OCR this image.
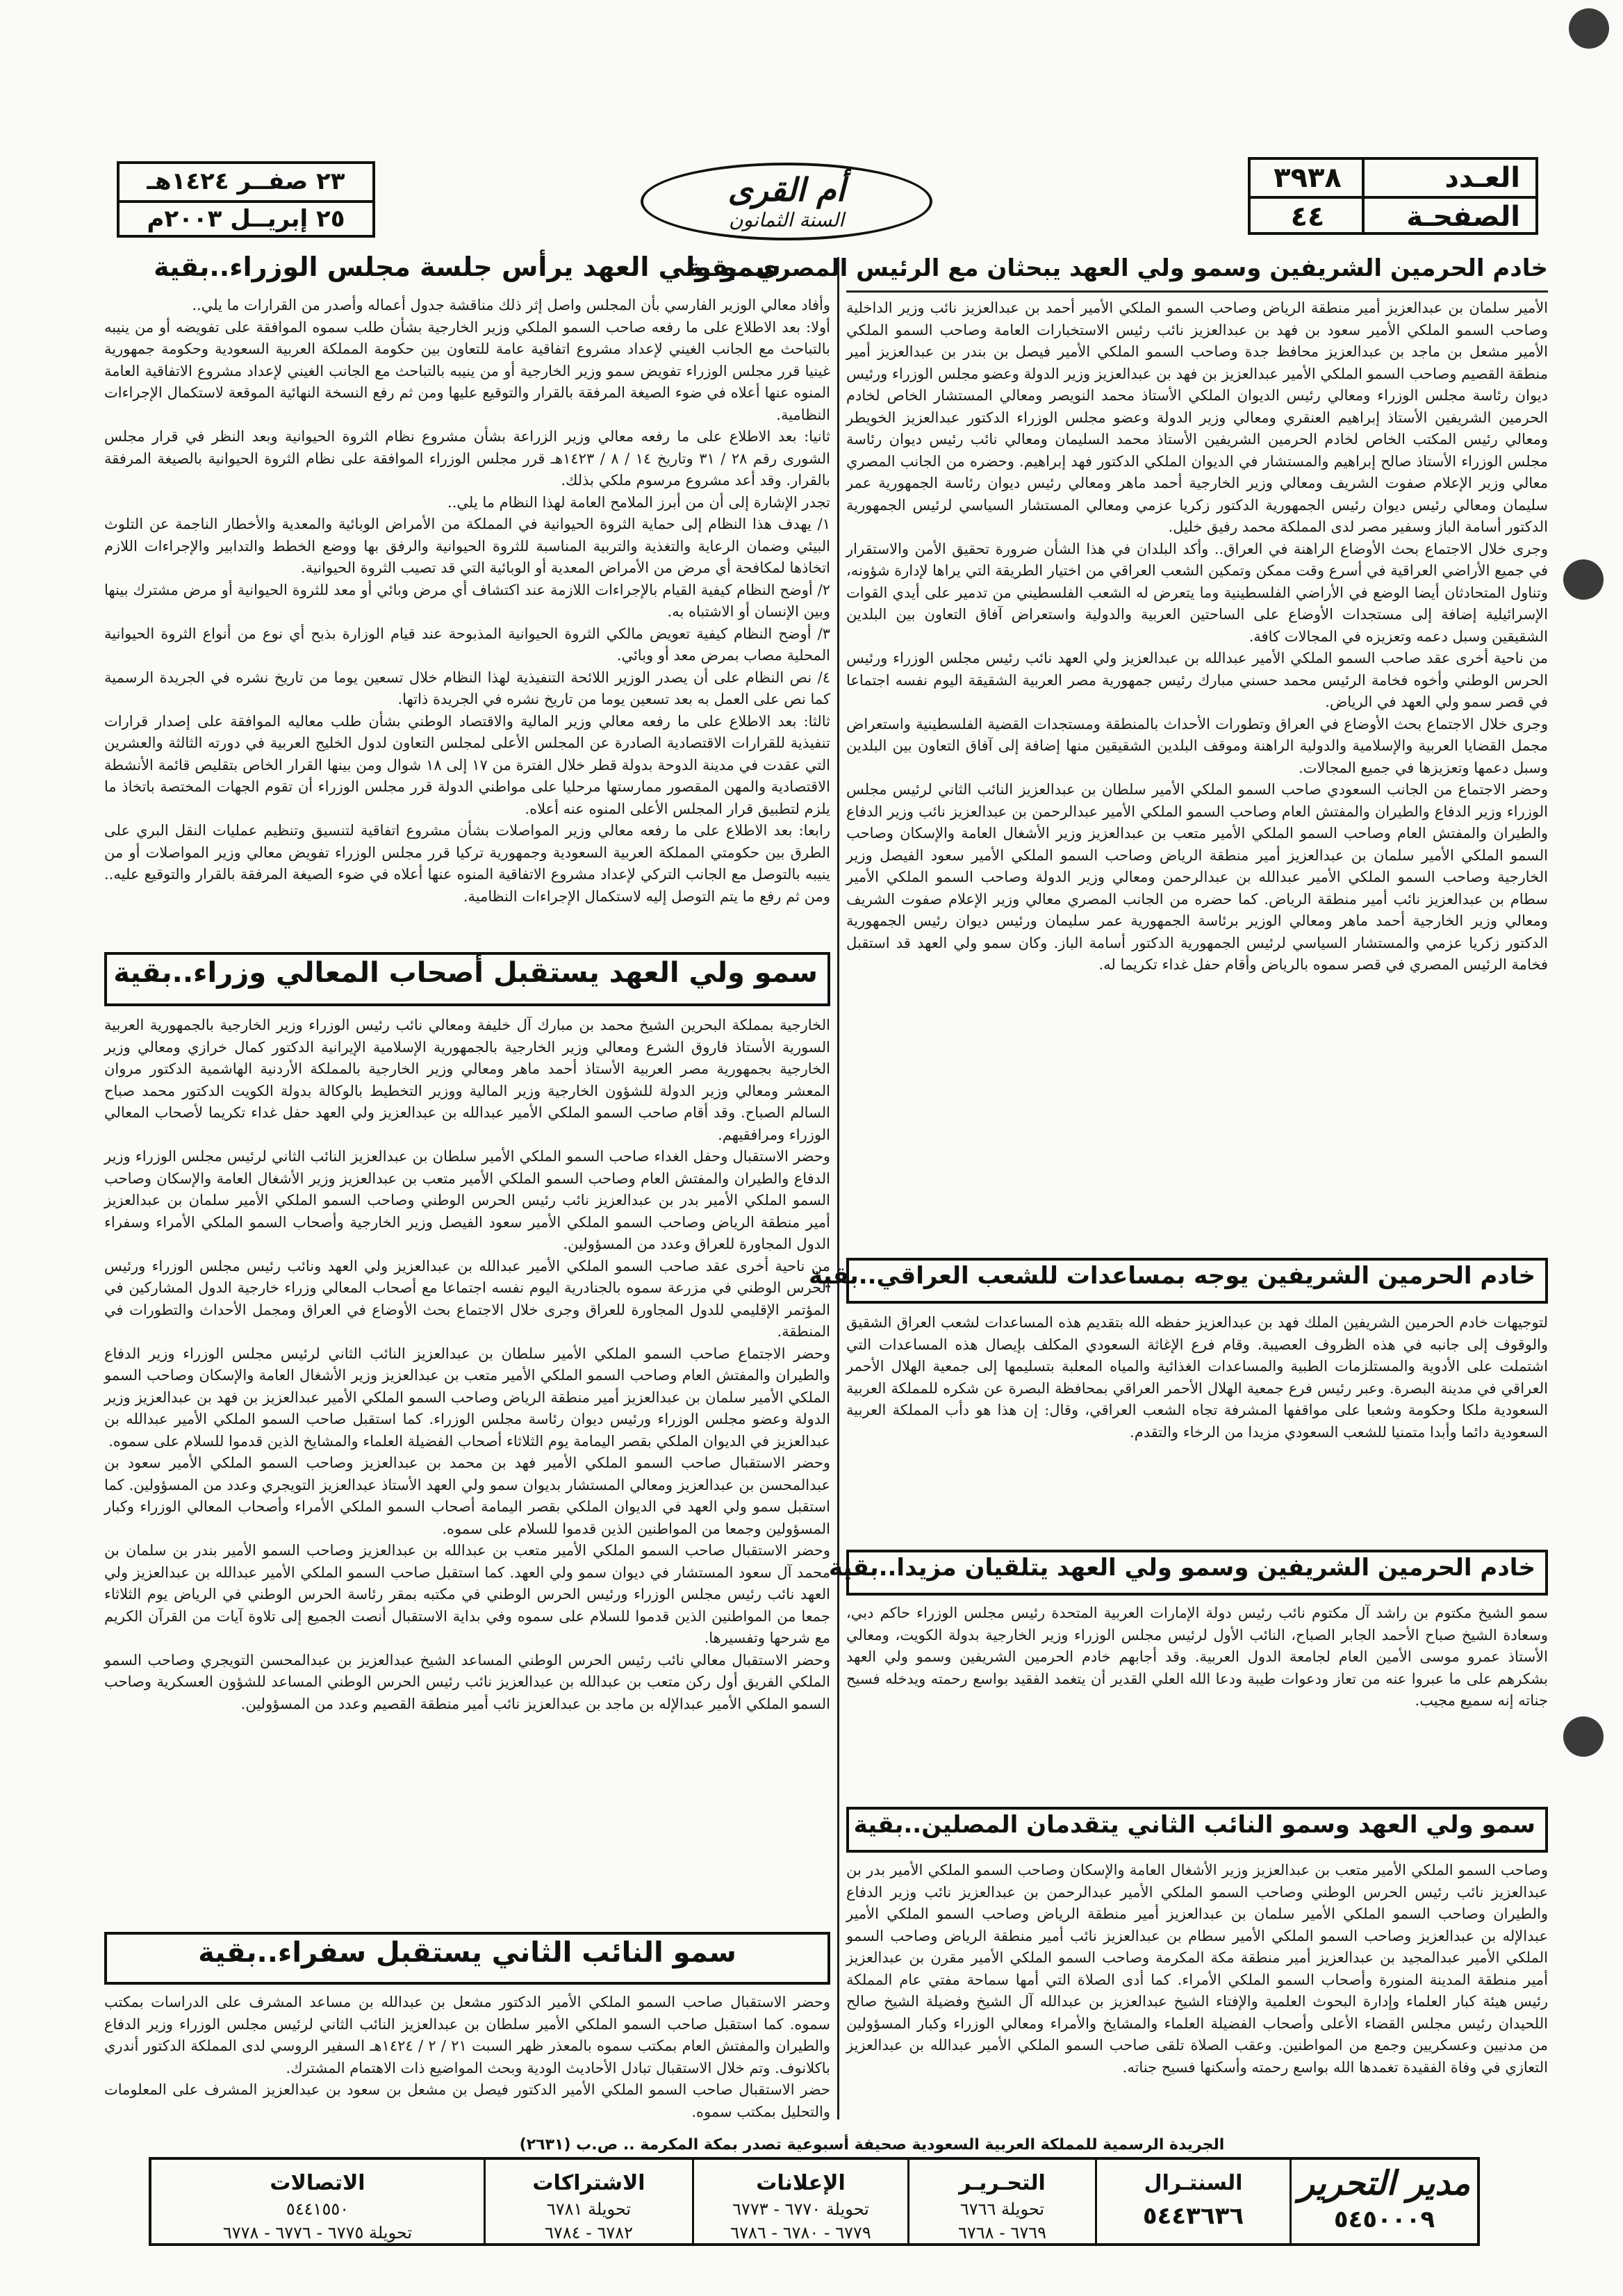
العـدد
٣٩٣٨
الصفحـة
٤٤
أم القرى
السنة الثمانون
٢٣ صفــر ١٤٢٤هـ
٢٥ إبريــل ٢٠٠٣م
خادم الحرمين الشريفين وسمو ولي العهد يبحثان مع الرئيس المصري..بقية

الأمير سلمان بن عبدالعزيز أمير منطقة الرياض وصاحب السمو الملكي الأمير أحمد بن عبدالعزيز نائب وزير الداخلية وصاحب السمو الملكي الأمير سعود بن فهد بن عبدالعزيز نائب رئيس الاستخبارات العامة وصاحب السمو الملكي الأمير مشعل بن ماجد بن عبدالعزيز محافظ جدة وصاحب السمو الملكي الأمير فيصل بن بندر بن عبدالعزيز أمير منطقة القصيم وصاحب السمو الملكي الأمير عبدالعزيز بن فهد بن عبدالعزيز وزير الدولة وعضو مجلس الوزراء ورئيس ديوان رئاسة مجلس الوزراء ومعالي رئيس الديوان الملكي الأستاذ محمد النويصر ومعالي المستشار الخاص لخادم الحرمين الشريفين الأستاذ إبراهيم العنقري ومعالي وزير الدولة وعضو مجلس الوزراء الدكتور عبدالعزيز الخويطر ومعالي رئيس المكتب الخاص لخادم الحرمين الشريفين الأستاذ محمد السليمان ومعالي نائب رئيس ديوان رئاسة مجلس الوزراء الأستاذ صالح إبراهيم والمستشار في الديوان الملكي الدكتور فهد إبراهيم. وحضره من الجانب المصري معالي وزير الإعلام صفوت الشريف ومعالي وزير الخارجية أحمد ماهر ومعالي رئيس ديوان رئاسة الجمهورية عمر سليمان ومعالي رئيس ديوان رئيس الجمهورية الدكتور زكريا عزمي ومعالي المستشار السياسي لرئيس الجمهورية الدكتور أسامة الباز وسفير مصر لدى المملكة محمد رفيق خليل.

وجرى خلال الاجتماع بحث الأوضاع الراهنة في العراق.. وأكد البلدان في هذا الشأن ضرورة تحقيق الأمن والاستقرار في جميع الأراضي العراقية في أسرع وقت ممكن وتمكين الشعب العراقي من اختيار الطريقة التي يراها لإدارة شؤونه، وتناول المتحادثان أيضا الوضع في الأراضي الفلسطينية وما يتعرض له الشعب الفلسطيني من تدمير على أيدي القوات الإسرائيلية إضافة إلى مستجدات الأوضاع على الساحتين العربية والدولية واستعراض آفاق التعاون بين البلدين الشقيقين وسبل دعمه وتعزيزه في المجالات كافة.

من ناحية أخرى عقد صاحب السمو الملكي الأمير عبدالله بن عبدالعزيز ولي العهد نائب رئيس مجلس الوزراء ورئيس الحرس الوطني وأخوه فخامة الرئيس محمد حسني مبارك رئيس جمهورية مصر العربية الشقيقة اليوم نفسه اجتماعا في قصر سمو ولي العهد في الرياض.

وجرى خلال الاجتماع بحث الأوضاع في العراق وتطورات الأحداث بالمنطقة ومستجدات القضية الفلسطينية واستعراض مجمل القضايا العربية والإسلامية والدولية الراهنة وموقف البلدين الشقيقين منها إضافة إلى آفاق التعاون بين البلدين وسبل دعمها وتعزيزها في جميع المجالات.

وحضر الاجتماع من الجانب السعودي صاحب السمو الملكي الأمير سلطان بن عبدالعزيز النائب الثاني لرئيس مجلس الوزراء وزير الدفاع والطيران والمفتش العام وصاحب السمو الملكي الأمير عبدالرحمن بن عبدالعزيز نائب وزير الدفاع والطيران والمفتش العام وصاحب السمو الملكي الأمير متعب بن عبدالعزيز وزير الأشغال العامة والإسكان وصاحب السمو الملكي الأمير سلمان بن عبدالعزيز أمير منطقة الرياض وصاحب السمو الملكي الأمير سعود الفيصل وزير الخارجية وصاحب السمو الملكي الأمير عبدالله بن عبدالرحمن ومعالي وزير الدولة وصاحب السمو الملكي الأمير سطام بن عبدالعزيز نائب أمير منطقة الرياض. كما حضره من الجانب المصري معالي وزير الإعلام صفوت الشريف ومعالي وزير الخارجية أحمد ماهر ومعالي الوزير برئاسة الجمهورية عمر سليمان ورئيس ديوان رئيس الجمهورية الدكتور زكريا عزمي والمستشار السياسي لرئيس الجمهورية الدكتور أسامة الباز. وكان سمو ولي العهد قد استقبل فخامة الرئيس المصري في قصر سموه بالرياض وأقام حفل غداء تكريما له.

خادم الحرمين الشريفين يوجه بمساعدات للشعب العراقي..بقية

لتوجيهات خادم الحرمين الشريفين الملك فهد بن عبدالعزيز حفظه الله بتقديم هذه المساعدات لشعب العراق الشقيق والوقوف إلى جانبه في هذه الظروف العصيبة. وقام فرع الإغاثة السعودي المكلف بإيصال هذه المساعدات التي اشتملت على الأدوية والمستلزمات الطبية والمساعدات الغذائية والمياه المعلبة بتسليمها إلى جمعية الهلال الأحمر العراقي في مدينة البصرة. وعبر رئيس فرع جمعية الهلال الأحمر العراقي بمحافظة البصرة عن شكره للمملكة العربية السعودية ملكا وحكومة وشعبا على مواقفها المشرفة تجاه الشعب العراقي، وقال: إن هذا هو دأب المملكة العربية السعودية دائما وأبدا متمنيا للشعب السعودي مزيدا من الرخاء والتقدم.

خادم الحرمين الشريفين وسمو ولي العهد يتلقيان مزيدا..بقية

سمو الشيخ مكتوم بن راشد آل مكتوم نائب رئيس دولة الإمارات العربية المتحدة رئيس مجلس الوزراء حاكم دبي، وسعادة الشيخ صباح الأحمد الجابر الصباح، النائب الأول لرئيس مجلس الوزراء وزير الخارجية بدولة الكويت، ومعالي الأستاذ عمرو موسى الأمين العام لجامعة الدول العربية. وقد أجابهم خادم الحرمين الشريفين وسمو ولي العهد بشكرهم على ما عبروا عنه من تعاز ودعوات طيبة ودعا الله العلي القدير أن يتغمد الفقيد بواسع رحمته ويدخله فسيح جناته إنه سميع مجيب.

سمو ولي العهد وسمو النائب الثاني يتقدمان المصلين..بقية

وصاحب السمو الملكي الأمير متعب بن عبدالعزيز وزير الأشغال العامة والإسكان وصاحب السمو الملكي الأمير بدر بن عبدالعزيز نائب رئيس الحرس الوطني وصاحب السمو الملكي الأمير عبدالرحمن بن عبدالعزيز نائب وزير الدفاع والطيران وصاحب السمو الملكي الأمير سلمان بن عبدالعزيز أمير منطقة الرياض وصاحب السمو الملكي الأمير عبدالإله بن عبدالعزيز وصاحب السمو الملكي الأمير سطام بن عبدالعزيز نائب أمير منطقة الرياض وصاحب السمو الملكي الأمير عبدالمجيد بن عبدالعزيز أمير منطقة مكة المكرمة وصاحب السمو الملكي الأمير مقرن بن عبدالعزيز أمير منطقة المدينة المنورة وأصحاب السمو الملكي الأمراء. كما أدى الصلاة التي أمها سماحة مفتي عام المملكة رئيس هيئة كبار العلماء وإدارة البحوث العلمية والإفتاء الشيخ عبدالعزيز بن عبدالله آل الشيخ وفضيلة الشيخ صالح اللحيدان رئيس مجلس القضاء الأعلى وأصحاب الفضيلة العلماء والمشايخ والأمراء ومعالي الوزراء وكبار المسؤولين من مدنيين وعسكريين وجمع من المواطنين. وعقب الصلاة تلقى صاحب السمو الملكي الأمير عبدالله بن عبدالعزيز التعازي في وفاة الفقيدة تغمدها الله بواسع رحمته وأسكنها فسيح جناته.

سمو ولي العهد يرأس جلسة مجلس الوزراء..بقية

وأفاد معالي الوزير الفارسي بأن المجلس واصل إثر ذلك مناقشة جدول أعماله وأصدر من القرارات ما يلي..

أولا: بعد الاطلاع على ما رفعه صاحب السمو الملكي وزير الخارجية بشأن طلب سموه الموافقة على تفويضه أو من ينيبه بالتباحث مع الجانب الغيني لإعداد مشروع اتفاقية عامة للتعاون بين حكومة المملكة العربية السعودية وحكومة جمهورية غينيا قرر مجلس الوزراء تفويض سمو وزير الخارجية أو من ينيبه بالتباحث مع الجانب الغيني لإعداد مشروع الاتفاقية العامة المنوه عنها أعلاه في ضوء الصيغة المرفقة بالقرار والتوقيع عليها ومن ثم رفع النسخة النهائية الموقعة لاستكمال الإجراءات النظامية.

ثانيا: بعد الاطلاع على ما رفعه معالي وزير الزراعة بشأن مشروع نظام الثروة الحيوانية وبعد النظر في قرار مجلس الشورى رقم ٢٨ / ٣١ وتاريخ ١٤ / ٨ / ١٤٢٣هـ قرر مجلس الوزراء الموافقة على نظام الثروة الحيوانية بالصيغة المرفقة بالقرار. وقد أعد مشروع مرسوم ملكي بذلك.

تجدر الإشارة إلى أن من أبرز الملامح العامة لهذا النظام ما يلي..

١/ يهدف هذا النظام إلى حماية الثروة الحيوانية في المملكة من الأمراض الوبائية والمعدية والأخطار الناجمة عن التلوث البيئي وضمان الرعاية والتغذية والتربية المناسبة للثروة الحيوانية والرفق بها ووضع الخطط والتدابير والإجراءات اللازم اتخاذها لمكافحة أي مرض من الأمراض المعدية أو الوبائية التي قد تصيب الثروة الحيوانية.

٢/ أوضح النظام كيفية القيام بالإجراءات اللازمة عند اكتشاف أي مرض وبائي أو معد للثروة الحيوانية أو مرض مشترك بينها وبين الإنسان أو الاشتباه به.

٣/ أوضح النظام كيفية تعويض مالكي الثروة الحيوانية المذبوحة عند قيام الوزارة بذبح أي نوع من أنواع الثروة الحيوانية المحلية مصاب بمرض معد أو وبائي.

٤/ نص النظام على أن يصدر الوزير اللائحة التنفيذية لهذا النظام خلال تسعين يوما من تاريخ نشره في الجريدة الرسمية كما نص على العمل به بعد تسعين يوما من تاريخ نشره في الجريدة ذاتها.

ثالثا: بعد الاطلاع على ما رفعه معالي وزير المالية والاقتصاد الوطني بشأن طلب معاليه الموافقة على إصدار قرارات تنفيذية للقرارات الاقتصادية الصادرة عن المجلس الأعلى لمجلس التعاون لدول الخليج العربية في دورته الثالثة والعشرين التي عقدت في مدينة الدوحة بدولة قطر خلال الفترة من ١٧ إلى ١٨ شوال ومن بينها القرار الخاص بتقليص قائمة الأنشطة الاقتصادية والمهن المقصور ممارستها مرحليا على مواطني الدولة قرر مجلس الوزراء أن تقوم الجهات المختصة باتخاذ ما يلزم لتطبيق قرار المجلس الأعلى المنوه عنه أعلاه.

رابعا: بعد الاطلاع على ما رفعه معالي وزير المواصلات بشأن مشروع اتفاقية لتنسيق وتنظيم عمليات النقل البري على الطرق بين حكومتي المملكة العربية السعودية وجمهورية تركيا قرر مجلس الوزراء تفويض معالي وزير المواصلات أو من ينيبه بالتوصل مع الجانب التركي لإعداد مشروع الاتفاقية المنوه عنها أعلاه في ضوء الصيغة المرفقة بالقرار والتوقيع عليه.. ومن ثم رفع ما يتم التوصل إليه لاستكمال الإجراءات النظامية.

سمو ولي العهد يستقبل أصحاب المعالي وزراء..بقية

الخارجية بمملكة البحرين الشيخ محمد بن مبارك آل خليفة ومعالي نائب رئيس الوزراء وزير الخارجية بالجمهورية العربية السورية الأستاذ فاروق الشرع ومعالي وزير الخارجية بالجمهورية الإسلامية الإيرانية الدكتور كمال خرازي ومعالي وزير الخارجية بجمهورية مصر العربية الأستاذ أحمد ماهر ومعالي وزير الخارجية بالمملكة الأردنية الهاشمية الدكتور مروان المعشر ومعالي وزير الدولة للشؤون الخارجية وزير المالية ووزير التخطيط بالوكالة بدولة الكويت الدكتور محمد صباح السالم الصباح. وقد أقام صاحب السمو الملكي الأمير عبدالله بن عبدالعزيز ولي العهد حفل غداء تكريما لأصحاب المعالي الوزراء ومرافقيهم.

وحضر الاستقبال وحفل الغداء صاحب السمو الملكي الأمير سلطان بن عبدالعزيز النائب الثاني لرئيس مجلس الوزراء وزير الدفاع والطيران والمفتش العام وصاحب السمو الملكي الأمير متعب بن عبدالعزيز وزير الأشغال العامة والإسكان وصاحب السمو الملكي الأمير بدر بن عبدالعزيز نائب رئيس الحرس الوطني وصاحب السمو الملكي الأمير سلمان بن عبدالعزيز أمير منطقة الرياض وصاحب السمو الملكي الأمير سعود الفيصل وزير الخارجية وأصحاب السمو الملكي الأمراء وسفراء الدول المجاورة للعراق وعدد من المسؤولين.

من ناحية أخرى عقد صاحب السمو الملكي الأمير عبدالله بن عبدالعزيز ولي العهد ونائب رئيس مجلس الوزراء ورئيس الحرس الوطني في مزرعة سموه بالجنادرية اليوم نفسه اجتماعا مع أصحاب المعالي وزراء خارجية الدول المشاركين في المؤتمر الإقليمي للدول المجاورة للعراق وجرى خلال الاجتماع بحث الأوضاع في العراق ومجمل الأحداث والتطورات في المنطقة.

وحضر الاجتماع صاحب السمو الملكي الأمير سلطان بن عبدالعزيز النائب الثاني لرئيس مجلس الوزراء وزير الدفاع والطيران والمفتش العام وصاحب السمو الملكي الأمير متعب بن عبدالعزيز وزير الأشغال العامة والإسكان وصاحب السمو الملكي الأمير سلمان بن عبدالعزيز أمير منطقة الرياض وصاحب السمو الملكي الأمير عبدالعزيز بن فهد بن عبدالعزيز وزير الدولة وعضو مجلس الوزراء ورئيس ديوان رئاسة مجلس الوزراء. كما استقبل صاحب السمو الملكي الأمير عبدالله بن عبدالعزيز في الديوان الملكي بقصر اليمامة يوم الثلاثاء أصحاب الفضيلة العلماء والمشايخ الذين قدموا للسلام على سموه.

وحضر الاستقبال صاحب السمو الملكي الأمير فهد بن محمد بن عبدالعزيز وصاحب السمو الملكي الأمير سعود بن عبدالمحسن بن عبدالعزيز ومعالي المستشار بديوان سمو ولي العهد الأستاذ عبدالعزيز التويجري وعدد من المسؤولين. كما استقبل سمو ولي العهد في الديوان الملكي بقصر اليمامة أصحاب السمو الملكي الأمراء وأصحاب المعالي الوزراء وكبار المسؤولين وجمعا من المواطنين الذين قدموا للسلام على سموه.

وحضر الاستقبال صاحب السمو الملكي الأمير متعب بن عبدالله بن عبدالعزيز وصاحب السمو الأمير بندر بن سلمان بن محمد آل سعود المستشار في ديوان سمو ولي العهد. كما استقبل صاحب السمو الملكي الأمير عبدالله بن عبدالعزيز ولي العهد نائب رئيس مجلس الوزراء ورئيس الحرس الوطني في مكتبه بمقر رئاسة الحرس الوطني في الرياض يوم الثلاثاء جمعا من المواطنين الذين قدموا للسلام على سموه وفي بداية الاستقبال أنصت الجميع إلى تلاوة آيات من القرآن الكريم مع شرحها وتفسيرها.

وحضر الاستقبال معالي نائب رئيس الحرس الوطني المساعد الشيخ عبدالعزيز بن عبدالمحسن التويجري وصاحب السمو الملكي الفريق أول ركن متعب بن عبدالله بن عبدالعزيز نائب رئيس الحرس الوطني المساعد للشؤون العسكرية وصاحب السمو الملكي الأمير عبدالإله بن ماجد بن عبدالعزيز نائب أمير منطقة القصيم وعدد من المسؤولين.

سمو النائب الثاني يستقبل سفراء..بقية

وحضر الاستقبال صاحب السمو الملكي الأمير الدكتور مشعل بن عبدالله بن مساعد المشرف على الدراسات بمكتب سموه. كما استقبل صاحب السمو الملكي الأمير سلطان بن عبدالعزيز النائب الثاني لرئيس مجلس الوزراء وزير الدفاع والطيران والمفتش العام بمكتب سموه بالمعذر ظهر السبت ٢١ / ٢ / ١٤٢٤هـ السفير الروسي لدى المملكة الدكتور أندري باكلانوف. وتم خلال الاستقبال تبادل الأحاديث الودية وبحث المواضيع ذات الاهتمام المشترك.

حضر الاستقبال صاحب السمو الملكي الأمير الدكتور فيصل بن مشعل بن سعود بن عبدالعزيز المشرف على المعلومات والتحليل بمكتب سموه.

الجريدة الرسمية للمملكة العربية السعودية صحيفة أسبوعية تصدر بمكة المكرمة .. ص.ب (٢٦٣١)
مدير التحرير
٥٤٥٠٠٠٩
السنتـرال
٥٤٤٣٦٣٦
التحـريـر
تحويلة ٦٧٦٦
٦٧٦٩ - ٦٧٦٨
الإعلانات
تحويلة ٦٧٧٠ - ٦٧٧٣
٦٧٧٩ - ٦٧٨٠ - ٦٧٨٦
الاشتراكات
تحويلة ٦٧٨١
٦٧٨٢ - ٦٧٨٤
الاتصالات
٥٤٤١٥٥٠
تحويلة ٦٧٧٥ - ٦٧٧٦ - ٦٧٧٨
